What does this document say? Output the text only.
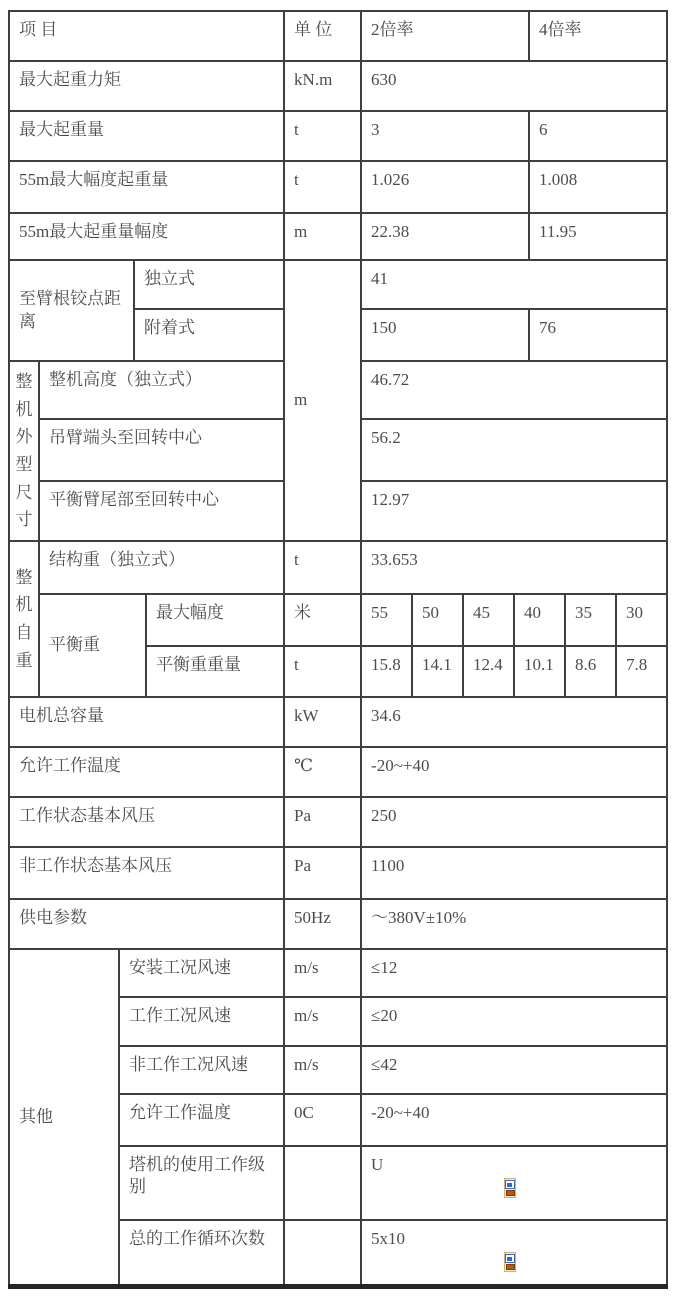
项 目					单 位	2倍率				4倍率		
最大起重力矩					kN.m	630						
最大起重量					t	3				6		
55m最大幅度起重量					t	1.026				1.008		
55m最大起重量幅度					m	22.38				11.95		
至臂根铰点距离			独立式		m	41						
			附着式			150				76		

整机外型尺寸	整机高度（独立式）					46.72						
	吊臂端头至回转中心					56.2						
	平衡臂尾部至回转中心					12.97						

整机自重	结构重（独立式）				t	33.653						
	平衡重			最大幅度	米	55	50	45	40		35	30
				平衡重重量	t	15.8	14.1	12.4	10.1		8.6	7.8
电机总容量					kW	34.6						
允许工作温度					℃	-20~+40						
工作状态基本风压					Pa	250						
非工作状态基本风压					Pa	1100						
供电参数					50Hz	～380V±10%						
其他		安装工况风速			m/s	≤12						
		工作工况风速			m/s	≤20						
		非工作工况风速			m/s	≤42						
		允许工作温度			0C	-20~+40						
		塔机的使用工作级别				U						

		总的工作循环次数				5x10						
